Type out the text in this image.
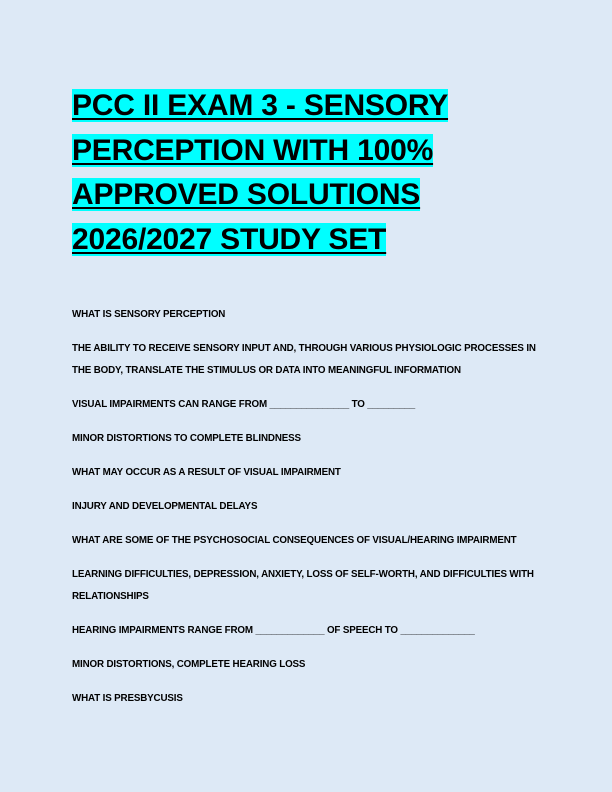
PCC II EXAM 3 - SENSORY PERCEPTION WITH 100% APPROVED SOLUTIONS 2026/2027 STUDY SET

WHAT IS SENSORY PERCEPTION

THE ABILITY TO RECEIVE SENSORY INPUT AND, THROUGH VARIOUS PHYSIOLOGIC PROCESSES IN THE BODY, TRANSLATE THE STIMULUS OR DATA INTO MEANINGFUL INFORMATION

VISUAL IMPAIRMENTS CAN RANGE FROM _______________ TO _________

MINOR DISTORTIONS TO COMPLETE BLINDNESS

WHAT MAY OCCUR AS A RESULT OF VISUAL IMPAIRMENT

INJURY AND DEVELOPMENTAL DELAYS

WHAT ARE SOME OF THE PSYCHOSOCIAL CONSEQUENCES OF VISUAL/HEARING IMPAIRMENT

LEARNING DIFFICULTIES, DEPRESSION, ANXIETY, LOSS OF SELF-WORTH, AND DIFFICULTIES WITH RELATIONSHIPS

HEARING IMPAIRMENTS RANGE FROM _____________ OF SPEECH TO ______________

MINOR DISTORTIONS, COMPLETE HEARING LOSS

WHAT IS PRESBYCUSIS
